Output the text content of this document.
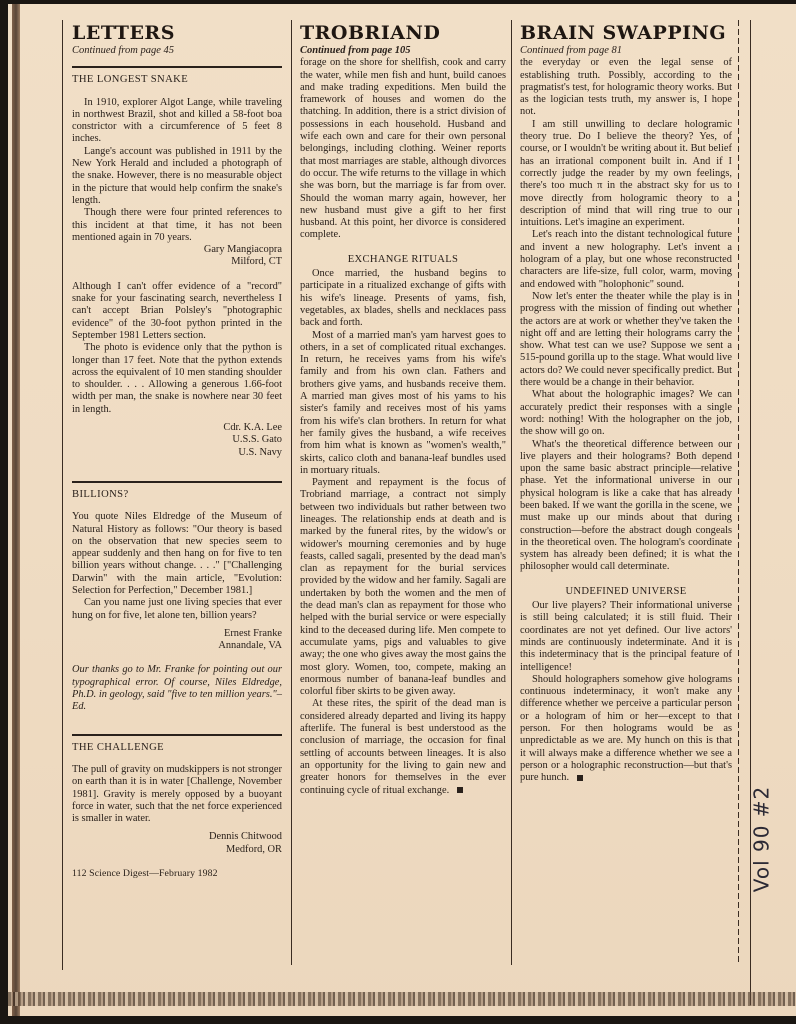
LETTERS
Continued from page 45
THE LONGEST SNAKE

In 1910, explorer Algot Lange, while traveling in northwest Brazil, shot and killed a 58-foot boa constrictor with a circumference of 5 feet 8 inches.

Lange's account was published in 1911 by the New York Herald and included a photograph of the snake. However, there is no measurable object in the picture that would help confirm the snake's length.

Though there were four printed references to this incident at that time, it has not been mentioned again in 70 years.

Gary Mangiacopra
Milford, CT

Although I can't offer evidence of a "record" snake for your fascinating search, nevertheless I can't accept Brian Polsley's "photographic evidence" of the 30-foot python printed in the September 1981 Letters section.

The photo is evidence only that the python is longer than 17 feet. Note that the python extends across the equivalent of 10 men standing shoulder to shoulder. . . . Allowing a generous 1.66-foot width per man, the snake is nowhere near 30 feet in length.

Cdr. K.A. Lee
U.S.S. Gato
U.S. Navy
BILLIONS?

You quote Niles Eldredge of the Museum of Natural History as follows: "Our theory is based on the observation that new species seem to appear suddenly and then hang on for five to ten billion years without change. . . ." ["Challenging Darwin" with the main article, "Evolution: Selection for Perfection," December 1981.]

Can you name just one living species that ever hung on for five, let alone ten, billion years?

Ernest Franke
Annandale, VA

Our thanks go to Mr. Franke for pointing out our typographical error. Of course, Niles Eldredge, Ph.D. in geology, said "five to ten million years."–Ed.

THE CHALLENGE

The pull of gravity on mudskippers is not stronger on earth than it is in water [Challenge, November 1981]. Gravity is merely opposed by a buoyant force in water, such that the net force experienced is smaller in water.

Dennis Chitwood
Medford, OR
112 Science Digest—February 1982
TROBRIAND
Continued from page 105

forage on the shore for shellfish, cook and carry the water, while men fish and hunt, build canoes and make trading expeditions. Men build the framework of houses and women do the thatching. In addition, there is a strict division of possessions in each household. Husband and wife each own and care for their own personal belongings, including clothing. Weiner reports that most marriages are stable, although divorces do occur. The wife returns to the village in which she was born, but the marriage is far from over. Should the woman marry again, however, her new husband must give a gift to her first husband. At this point, her divorce is considered complete.

EXCHANGE RITUALS

Once married, the husband begins to participate in a ritualized exchange of gifts with his wife's lineage. Presents of yams, fish, vegetables, ax blades, shells and necklaces pass back and forth.

Most of a married man's yam harvest goes to others, in a set of complicated ritual exchanges. In return, he receives yams from his wife's family and from his own clan. Fathers and brothers give yams, and husbands receive them. A married man gives most of his yams to his sister's family and receives most of his yams from his wife's clan brothers. In return for what her family gives the husband, a wife receives from him what is known as "women's wealth," skirts, calico cloth and banana-leaf bundles used in mortuary rituals.

Payment and repayment is the focus of Trobriand marriage, a contract not simply between two individuals but rather between two lineages. The relationship ends at death and is marked by the funeral rites, by the widow's or widower's mourning ceremonies and by huge feasts, called sagali, presented by the dead man's clan as repayment for the burial services provided by the widow and her family. Sagali are undertaken by both the women and the men of the dead man's clan as repayment for those who helped with the burial service or were especially kind to the deceased during life. Men compete to accumulate yams, pigs and valuables to give away; the one who gives away the most gains the most glory. Women, too, compete, making an enormous number of banana-leaf bundles and colorful fiber skirts to be given away.

At these rites, the spirit of the dead man is considered already departed and living its happy afterlife. The funeral is best understood as the conclusion of marriage, the occasion for final settling of accounts between lineages. It is also an opportunity for the living to gain new and greater honors for themselves in the ever continuing cycle of ritual exchange.

BRAIN SWAPPING
Continued from page 81

the everyday or even the legal sense of establishing truth. Possibly, according to the pragmatist's test, for hologramic theory works. But as the logician tests truth, my answer is, I hope not.

I am still unwilling to declare hologramic theory true. Do I believe the theory? Yes, of course, or I wouldn't be writing about it. But belief has an irrational component built in. And if I correctly judge the reader by my own feelings, there's too much π in the abstract sky for us to move directly from hologramic theory to a description of mind that will ring true to our intuitions. Let's imagine an experiment.

Let's reach into the distant technological future and invent a new holography. Let's invent a hologram of a play, but one whose reconstructed characters are life-size, full color, warm, moving and endowed with "holophonic" sound.

Now let's enter the theater while the play is in progress with the mission of finding out whether the actors are at work or whether they've taken the night off and are letting their holograms carry the show. What test can we use? Suppose we sent a 515-pound gorilla up to the stage. What would live actors do? We could never specifically predict. But there would be a change in their behavior.

What about the holographic images? We can accurately predict their responses with a single word: nothing! With the holographer on the job, the show will go on.

What's the theoretical difference between our live players and their holograms? Both depend upon the same basic abstract principle—relative phase. Yet the informational universe in our physical hologram is like a cake that has already been baked. If we want the gorilla in the scene, we must make up our minds about that during construction—before the abstract dough congeals in the theoretical oven. The hologram's coordinate system has already been defined; it is what the philosopher would call determinate.

UNDEFINED UNIVERSE

Our live players? Their informational universe is still being calculated; it is still fluid. Their coordinates are not yet defined. Our live actors' minds are continuously indeterminate. And it is this indeterminacy that is the principal feature of intelligence!

Should holographers somehow give holograms continuous indeterminacy, it won't make any difference whether we perceive a particular person or a hologram of him or her—except to that person. For then holograms would be as unpredictable as we are. My hunch on this is that it will always make a difference whether we see a person or a holographic reconstruction—but that's pure hunch.

Vol 90 #2
